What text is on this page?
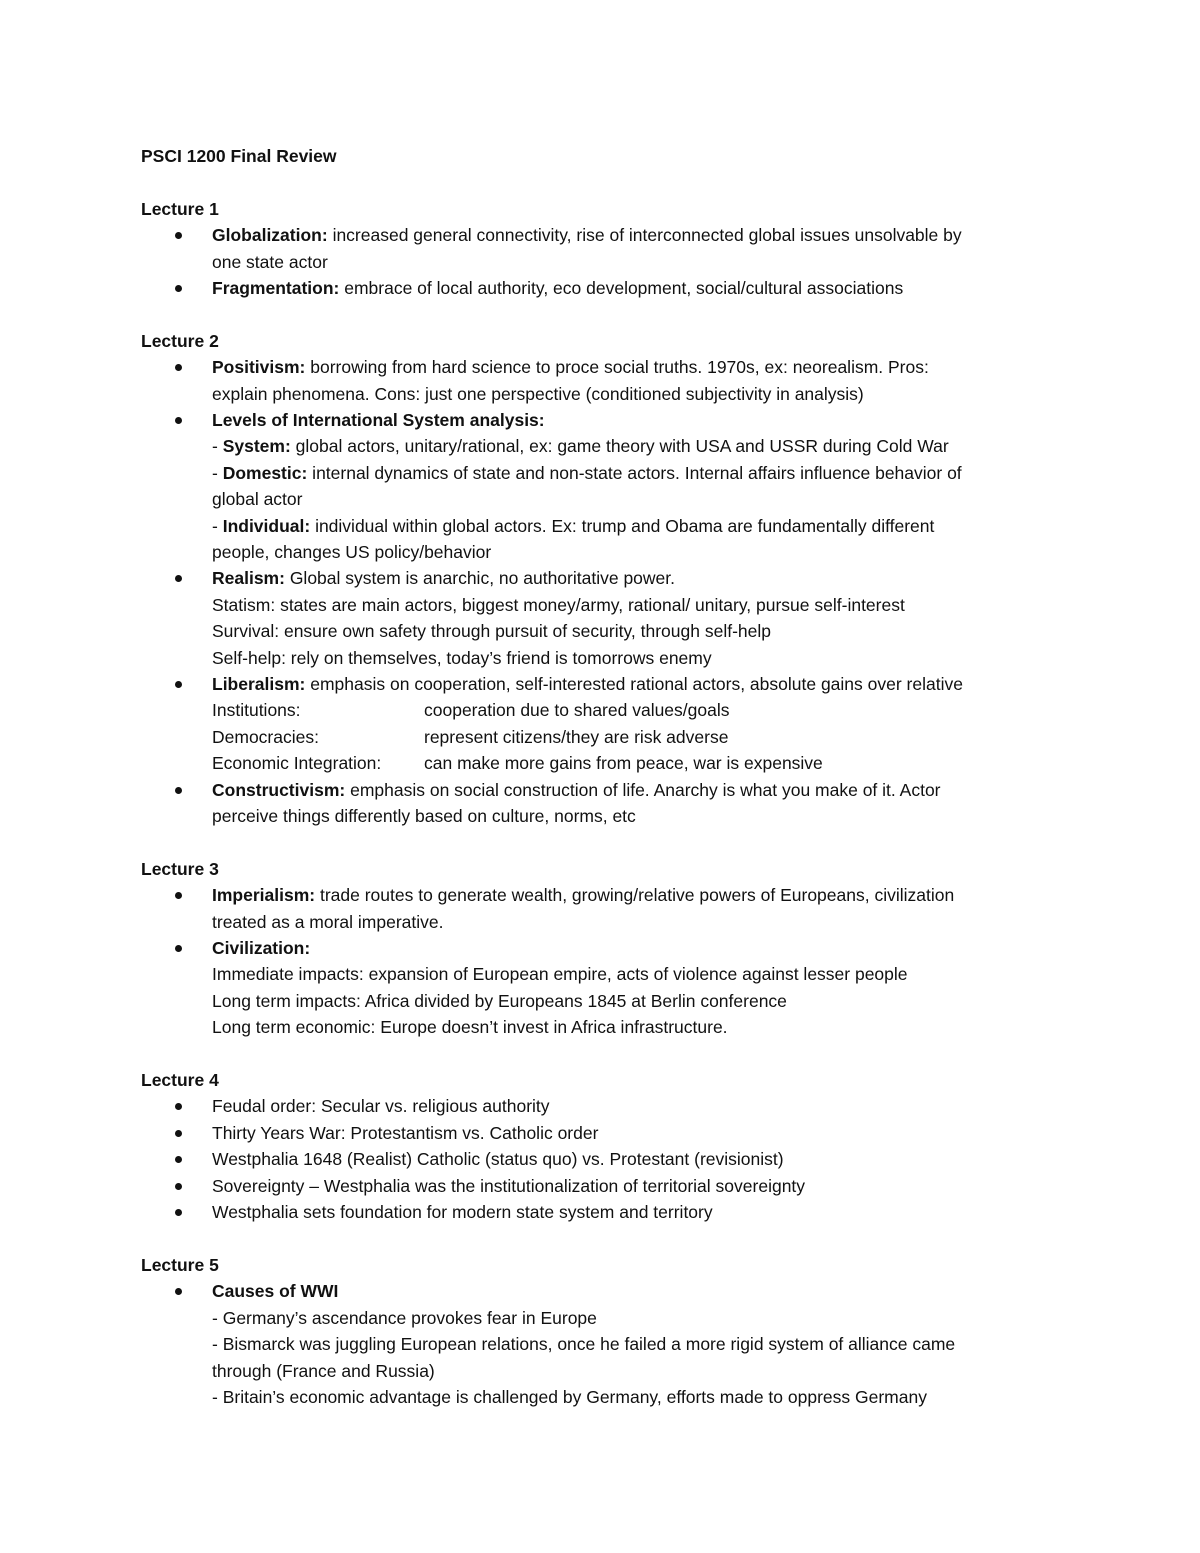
PSCI 1200 Final Review
Lecture 1
Globalization: increased general connectivity, rise of interconnected global issues unsolvable by
one state actor
Fragmentation: embrace of local authority, eco development, social/cultural associations
Lecture 2
Positivism: borrowing from hard science to proce social truths. 1970s, ex: neorealism. Pros:
explain phenomena. Cons: just one perspective (conditioned subjectivity in analysis)
Levels of International System analysis:
- System: global actors, unitary/rational, ex: game theory with USA and USSR during Cold War
- Domestic: internal dynamics of state and non-state actors. Internal affairs influence behavior of
global actor
- Individual: individual within global actors. Ex: trump and Obama are fundamentally different
people, changes US policy/behavior
Realism: Global system is anarchic, no authoritative power.
Statism: states are main actors, biggest money/army, rational/ unitary, pursue self-interest
Survival: ensure own safety through pursuit of security, through self-help
Self-help: rely on themselves, today’s friend is tomorrows enemy
Liberalism: emphasis on cooperation, self-interested rational actors, absolute gains over relative
Institutions:	cooperation due to shared values/goals
Democracies:	represent citizens/they are risk adverse
Economic Integration: can make more gains from peace, war is expensive
Constructivism: emphasis on social construction of life. Anarchy is what you make of it. Actor
perceive things differently based on culture, norms, etc
Lecture 3
Imperialism: trade routes to generate wealth, growing/relative powers of Europeans, civilization
treated as a moral imperative.
Civilization:
Immediate impacts: expansion of European empire, acts of violence against lesser people
Long term impacts: Africa divided by Europeans 1845 at Berlin conference
Long term economic: Europe doesn’t invest in Africa infrastructure.
Lecture 4
Feudal order: Secular vs. religious authority
Thirty Years War: Protestantism vs. Catholic order
Westphalia 1648 (Realist) Catholic (status quo) vs. Protestant (revisionist)
Sovereignty – Westphalia was the institutionalization of territorial sovereignty
Westphalia sets foundation for modern state system and territory
Lecture 5
Causes of WWI
- Germany’s ascendance provokes fear in Europe
- Bismarck was juggling European relations, once he failed a more rigid system of alliance came
through (France and Russia)
- Britain’s economic advantage is challenged by Germany, efforts made to oppress Germany
